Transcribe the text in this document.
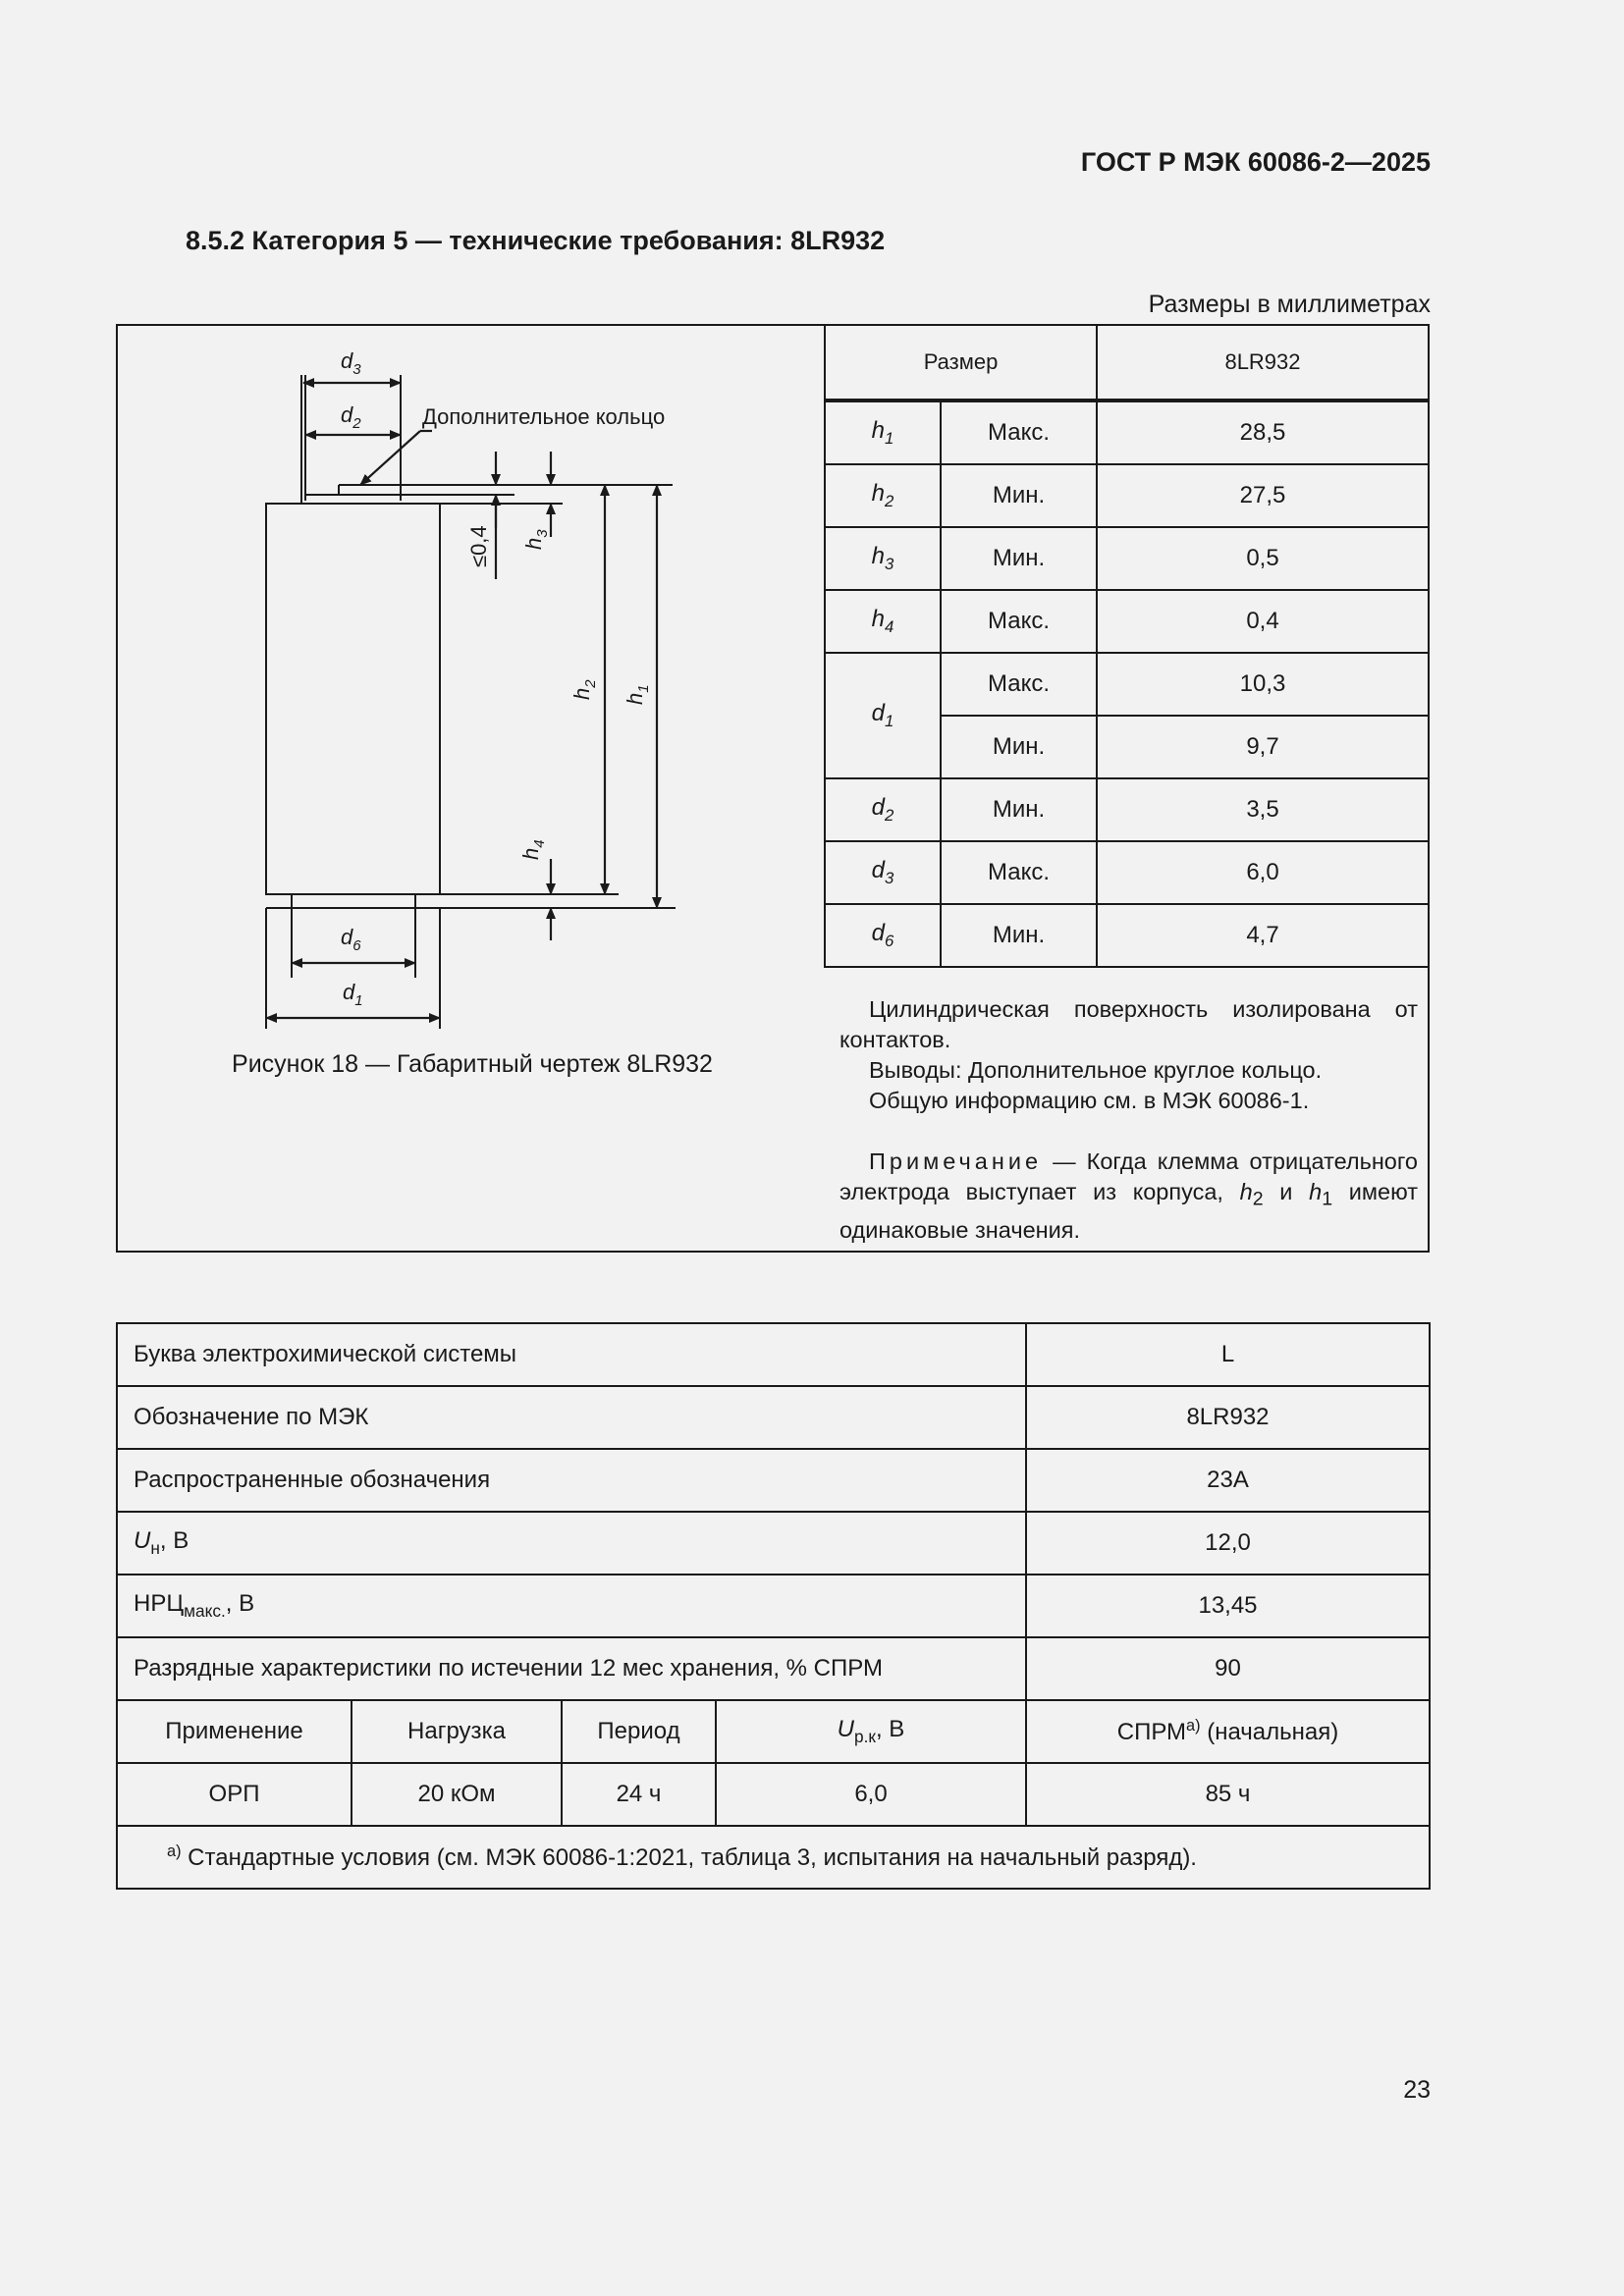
ГОСТ Р МЭК 60086-2—2025
8.5.2 Категория 5 — технические требования: 8LR932
Размеры в миллиметрах
$d_3$
$d_2$	Дополнительное кольцо
≤0,4 $h_3$
$h_2$
$h_1$
$h_4$
$d_6$
$d_1$
Рисунок 18 — Габаритный чертеж 8LR932
Размер		8LR932
$h_1$	Макс.	28,5
$h_2$	Мин.	27,5
$h_3$	Мин.	0,5
$h_4$	Макс.	0,4
$d_1$	Макс.	10,3
	Мин.	9,7
$d_2$	Мин.	3,5
$d_3$	Макс.	6,0
$d_6$	Мин.	4,7

Цилиндрическая поверхность изолирована от контактов.

Выводы: Дополнительное круглое кольцо.

Общую информацию см. в МЭК 60086-1.

Примечание — Когда клемма отрицательного электрода выступает из корпуса, $h_2$ и $h_1$ имеют одинаковые значения.

Буква электрохимической системы				L
Обозначение по МЭК				8LR932
Распространенные обозначения				23A
$U_н$, В				12,0
$НРЦ_{макс.}$, В				13,45
Разрядные характеристики по истечении 12 мес хранения, % СПРМ				90
Применение	Нагрузка	Период	$U_{р.к}$, В	$СПРМ^{а)}$ (начальная)
ОРП	20 кОм	24 ч	6,0	85 ч
$^{а)}$ Стандартные условия (см. МЭК 60086-1:2021, таблица 3, испытания на начальный разряд).				
23
